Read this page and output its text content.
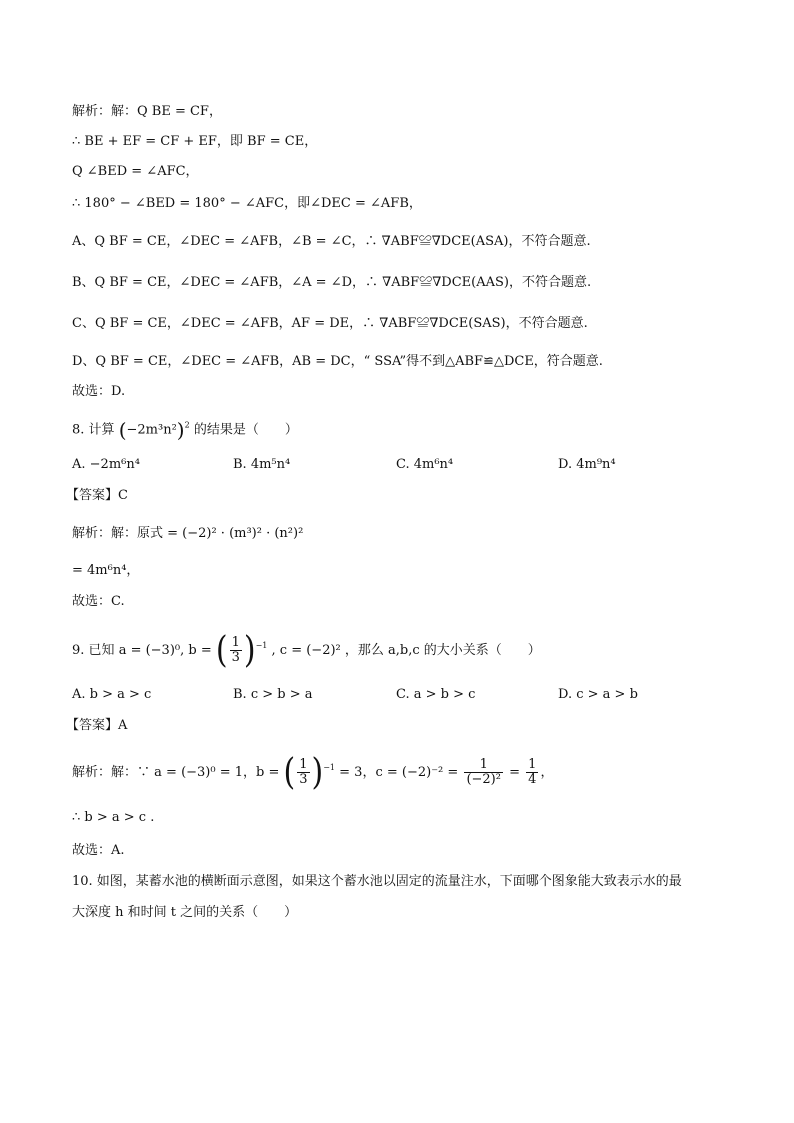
解析：解：Q BE = CF，
∴ BE + EF = CF + EF，即 BF = CE，
Q ∠BED = ∠AFC，
∴ 180° − ∠BED = 180° − ∠AFC，即∠DEC = ∠AFB，
A、Q BF = CE，∠DEC = ∠AFB，∠B = ∠C，∴ ∇ABF≌∇DCE(ASA)，不符合题意.
B、Q BF = CE，∠DEC = ∠AFB，∠A = ∠D，∴ ∇ABF≌∇DCE(AAS)，不符合题意.
C、Q BF = CE，∠DEC = ∠AFB，AF = DE，∴ ∇ABF≌∇DCE(SAS)，不符合题意.
D、Q BF = CE，∠DEC = ∠AFB，AB = DC，“ SSA”得不到△ABF≌△DCE，符合题意.
故选：D.
8. 计算 $(-2m^3n^2)^2$ 的结果是（　　）
A. −2m⁶n⁴	B. 4m⁵n⁴	C. 4m⁶n⁴	D. 4m⁹n⁴
【答案】C
解析：解：原式 = (−2)² · (m³)² · (n²)²
= 4m⁶n⁴，
故选：C.
9. 已知 a = (−3)⁰, b = ( $\frac{1}{3} )^{-1}$ , c = (−2)² ，那么 a,b,c 的大小关系（　　）
A. b > a > c	B. c > b > a	C. a > b > c	D. c > a > b
【答案】A
解析：解：∵ a = (−3)⁰ = 1，b = ( $\frac{1}{3} )^{-1} = 3$，$c = (-2)^{-2} = \frac{1}{\text{(−2)²}} = \frac{1}{4}$ ，
∴ b > a > c .
故选：A.
10. 如图，某蓄水池的横断面示意图，如果这个蓄水池以固定的流量注水，下面哪个图象能大致表示水的最
大深度 h 和时间 t 之间的关系（　　）
